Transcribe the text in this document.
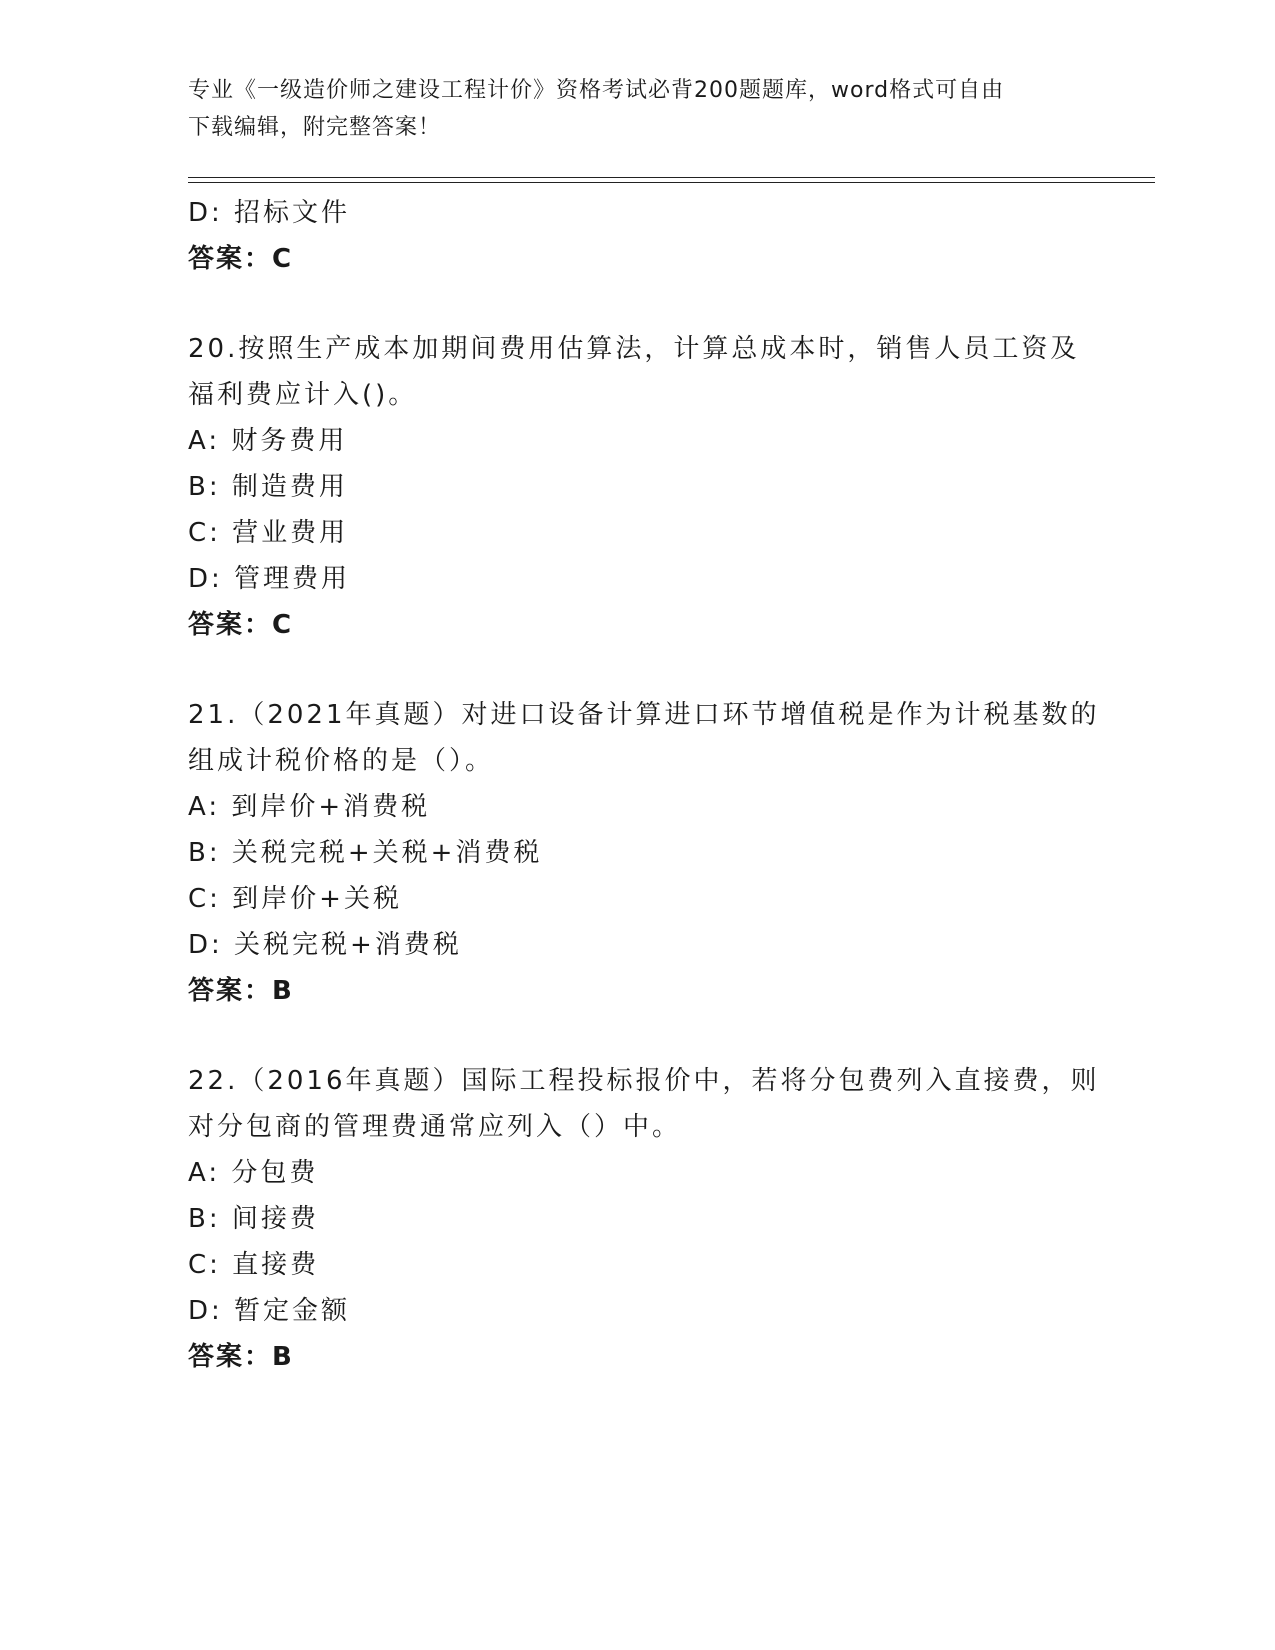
专业《一级造价师之建设工程计价》资格考试必背200题题库，word格式可自由
下载编辑，附完整答案！
D: 招标文件
答案：C
20.按照生产成本加期间费用估算法，计算总成本时，销售人员工资及
福利费应计入()。
A: 财务费用
B: 制造费用
C: 营业费用
D: 管理费用
答案：C
21.（2021年真题）对进口设备计算进口环节增值税是作为计税基数的
组成计税价格的是（）。
A: 到岸价+消费税
B: 关税完税+关税+消费税
C: 到岸价+关税
D: 关税完税+消费税
答案：B
22.（2016年真题）国际工程投标报价中，若将分包费列入直接费，则
对分包商的管理费通常应列入（）中。
A: 分包费
B: 间接费
C: 直接费
D: 暂定金额
答案：B
